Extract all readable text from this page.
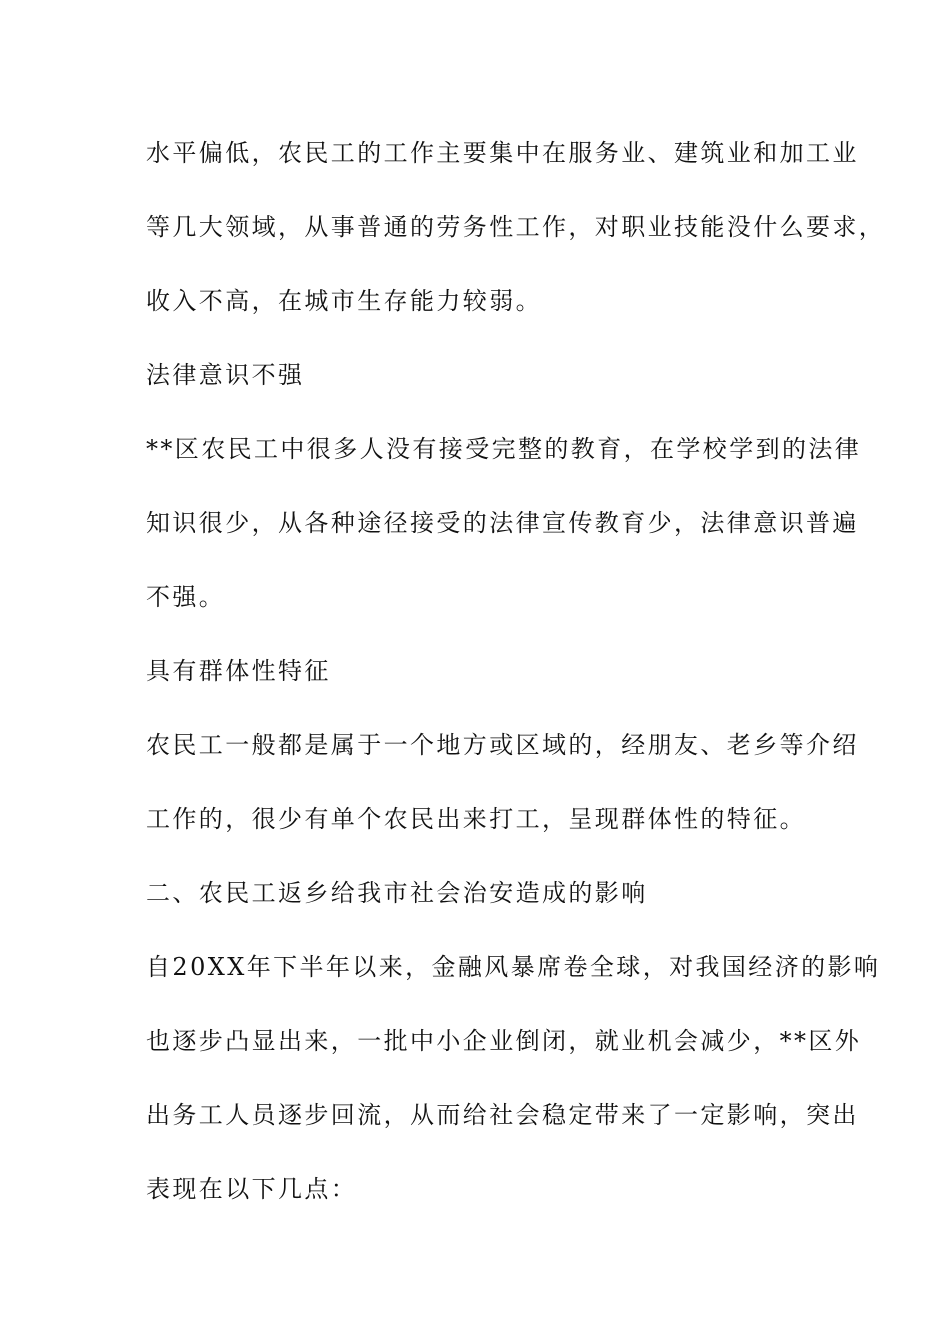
水平偏低，农民工的工作主要集中在服务业、建筑业和加工业
等几大领域，从事普通的劳务性工作，对职业技能没什么要求，
收入不高，在城市生存能力较弱。
法律意识不强
**区农民工中很多人没有接受完整的教育，在学校学到的法律
知识很少，从各种途径接受的法律宣传教育少，法律意识普遍
不强。
具有群体性特征
农民工一般都是属于一个地方或区域的，经朋友、老乡等介绍
工作的，很少有单个农民出来打工，呈现群体性的特征。
二、农民工返乡给我市社会治安造成的影响
自20XX年下半年以来，金融风暴席卷全球，对我国经济的影响
也逐步凸显出来，一批中小企业倒闭，就业机会减少，**区外
出务工人员逐步回流，从而给社会稳定带来了一定影响，突出
表现在以下几点：
